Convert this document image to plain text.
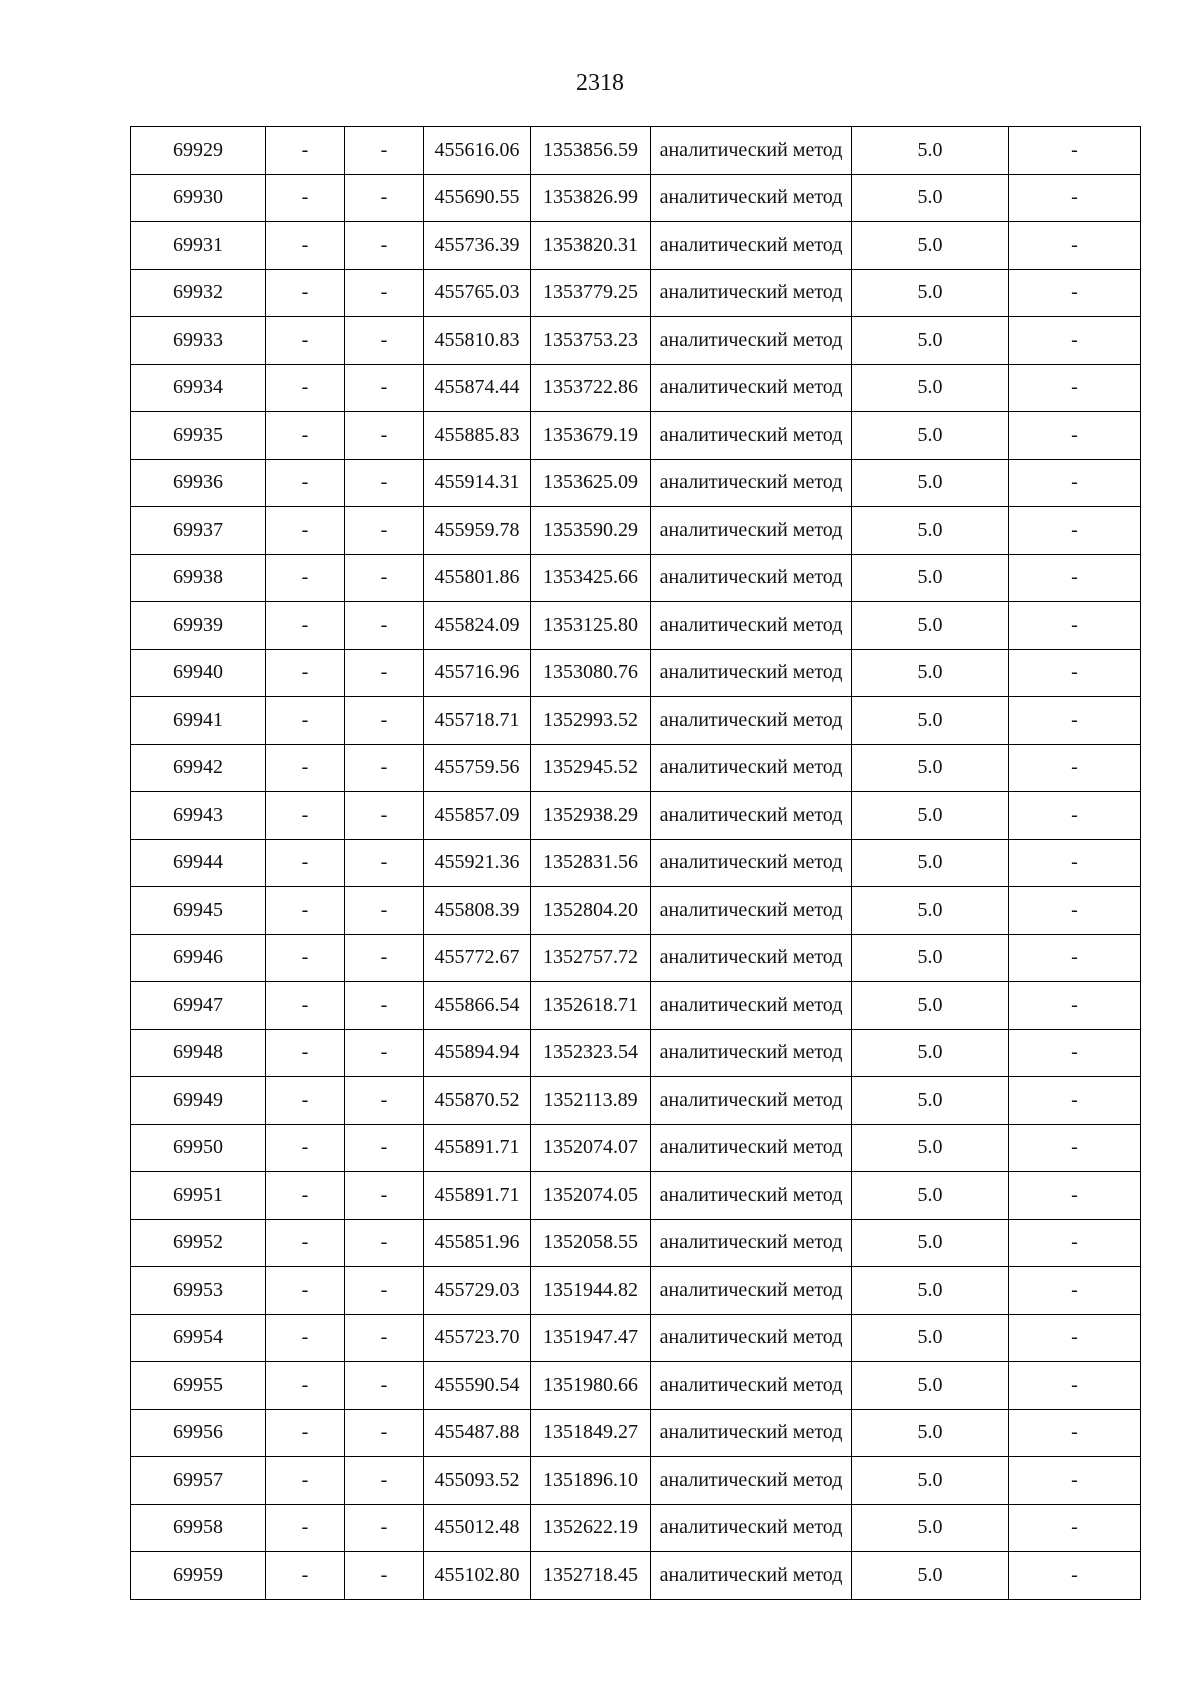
2318
69929	-	-	455616.06	1353856.59	аналитический метод	5.0	-
69930	-	-	455690.55	1353826.99	аналитический метод	5.0	-
69931	-	-	455736.39	1353820.31	аналитический метод	5.0	-
69932	-	-	455765.03	1353779.25	аналитический метод	5.0	-
69933	-	-	455810.83	1353753.23	аналитический метод	5.0	-
69934	-	-	455874.44	1353722.86	аналитический метод	5.0	-
69935	-	-	455885.83	1353679.19	аналитический метод	5.0	-
69936	-	-	455914.31	1353625.09	аналитический метод	5.0	-
69937	-	-	455959.78	1353590.29	аналитический метод	5.0	-
69938	-	-	455801.86	1353425.66	аналитический метод	5.0	-
69939	-	-	455824.09	1353125.80	аналитический метод	5.0	-
69940	-	-	455716.96	1353080.76	аналитический метод	5.0	-
69941	-	-	455718.71	1352993.52	аналитический метод	5.0	-
69942	-	-	455759.56	1352945.52	аналитический метод	5.0	-
69943	-	-	455857.09	1352938.29	аналитический метод	5.0	-
69944	-	-	455921.36	1352831.56	аналитический метод	5.0	-
69945	-	-	455808.39	1352804.20	аналитический метод	5.0	-
69946	-	-	455772.67	1352757.72	аналитический метод	5.0	-
69947	-	-	455866.54	1352618.71	аналитический метод	5.0	-
69948	-	-	455894.94	1352323.54	аналитический метод	5.0	-
69949	-	-	455870.52	1352113.89	аналитический метод	5.0	-
69950	-	-	455891.71	1352074.07	аналитический метод	5.0	-
69951	-	-	455891.71	1352074.05	аналитический метод	5.0	-
69952	-	-	455851.96	1352058.55	аналитический метод	5.0	-
69953	-	-	455729.03	1351944.82	аналитический метод	5.0	-
69954	-	-	455723.70	1351947.47	аналитический метод	5.0	-
69955	-	-	455590.54	1351980.66	аналитический метод	5.0	-
69956	-	-	455487.88	1351849.27	аналитический метод	5.0	-
69957	-	-	455093.52	1351896.10	аналитический метод	5.0	-
69958	-	-	455012.48	1352622.19	аналитический метод	5.0	-
69959	-	-	455102.80	1352718.45	аналитический метод	5.0	-
